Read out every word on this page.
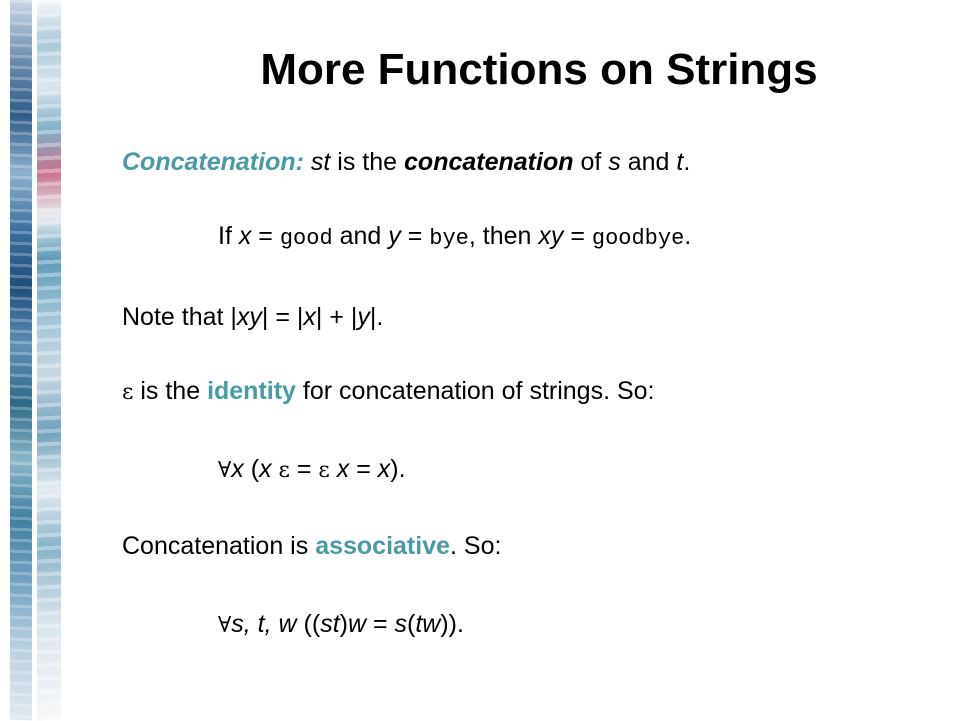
More Functions on Strings
Concatenation: st is the concatenation of s and t.
If x = good and y = bye, then xy = goodbye.
Note that |xy| = |x| + |y|.
ε is the identity for concatenation of strings. So:
∀x (x ε = ε x = x).
Concatenation is associative. So:
∀s, t, w ((st)w = s(tw)).
